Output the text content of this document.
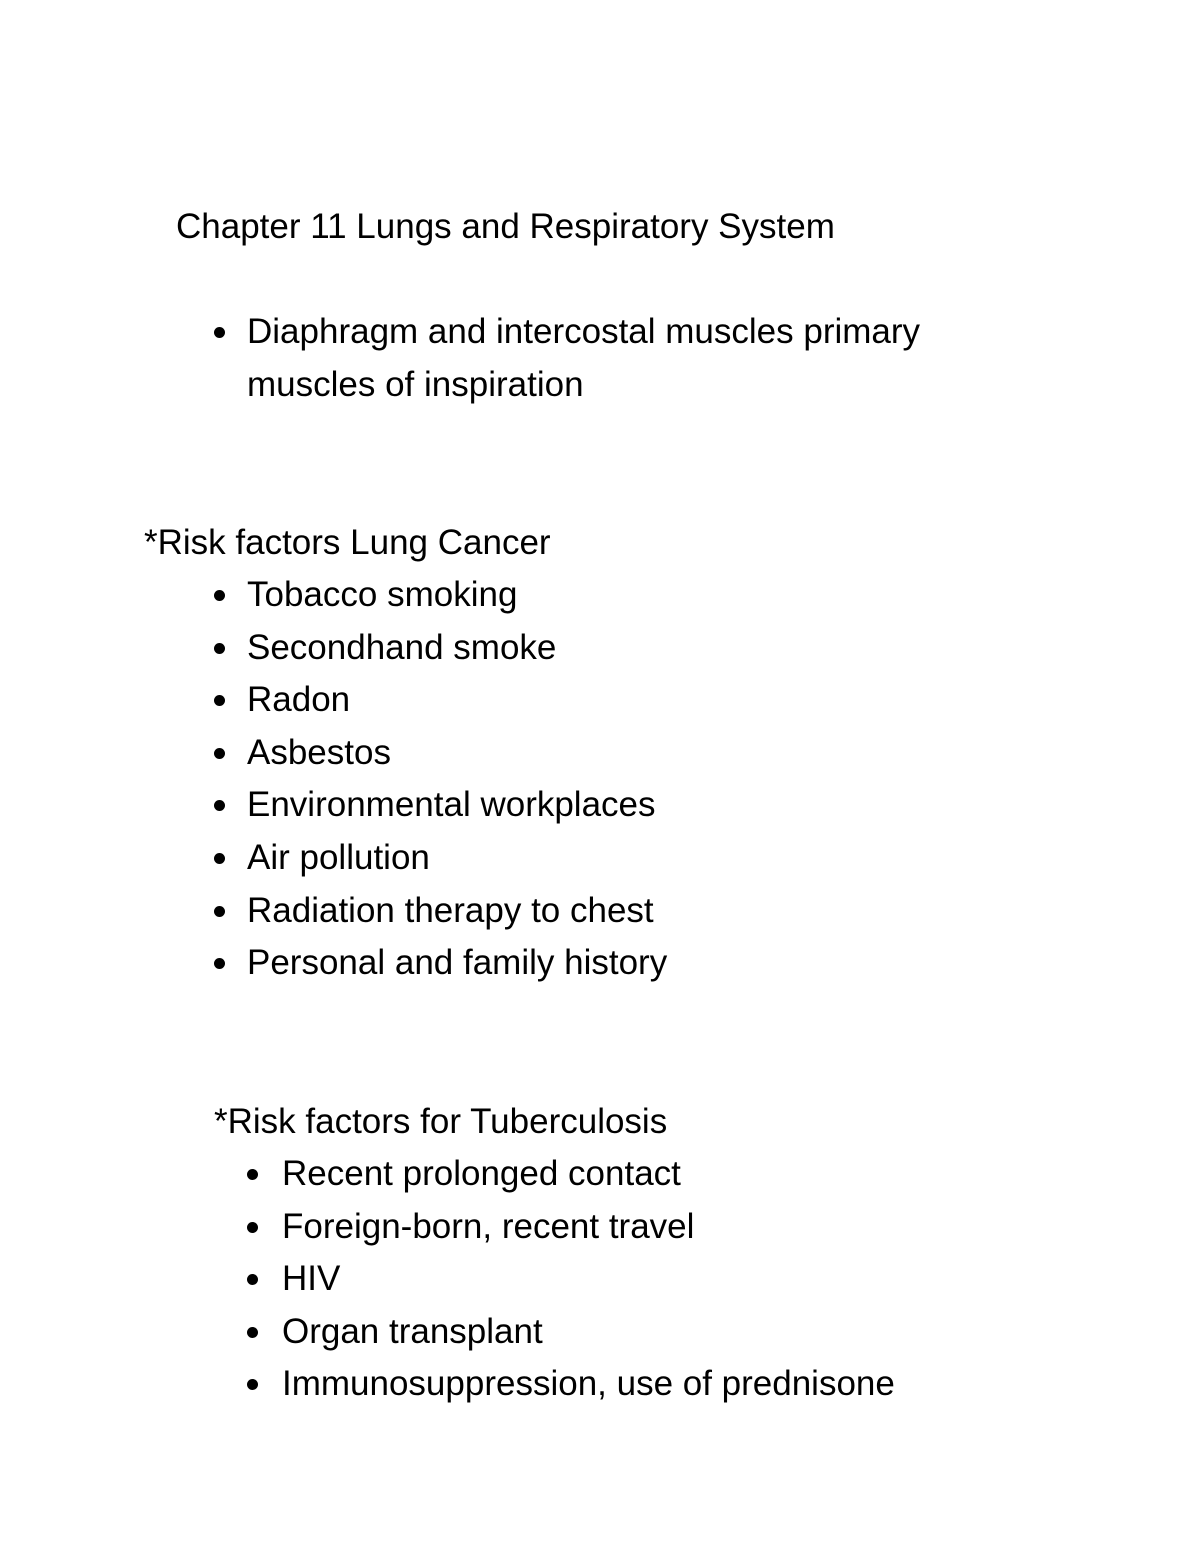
Chapter 11 Lungs and Respiratory System
Diaphragm and intercostal muscles primary muscles of inspiration
*Risk factors Lung Cancer
Tobacco smoking
Secondhand smoke
Radon
Asbestos
Environmental workplaces
Air pollution
Radiation therapy to chest
Personal and family history
*Risk factors for Tuberculosis
Recent prolonged contact
Foreign-born, recent travel
HIV
Organ transplant
Immunosuppression, use of prednisone
